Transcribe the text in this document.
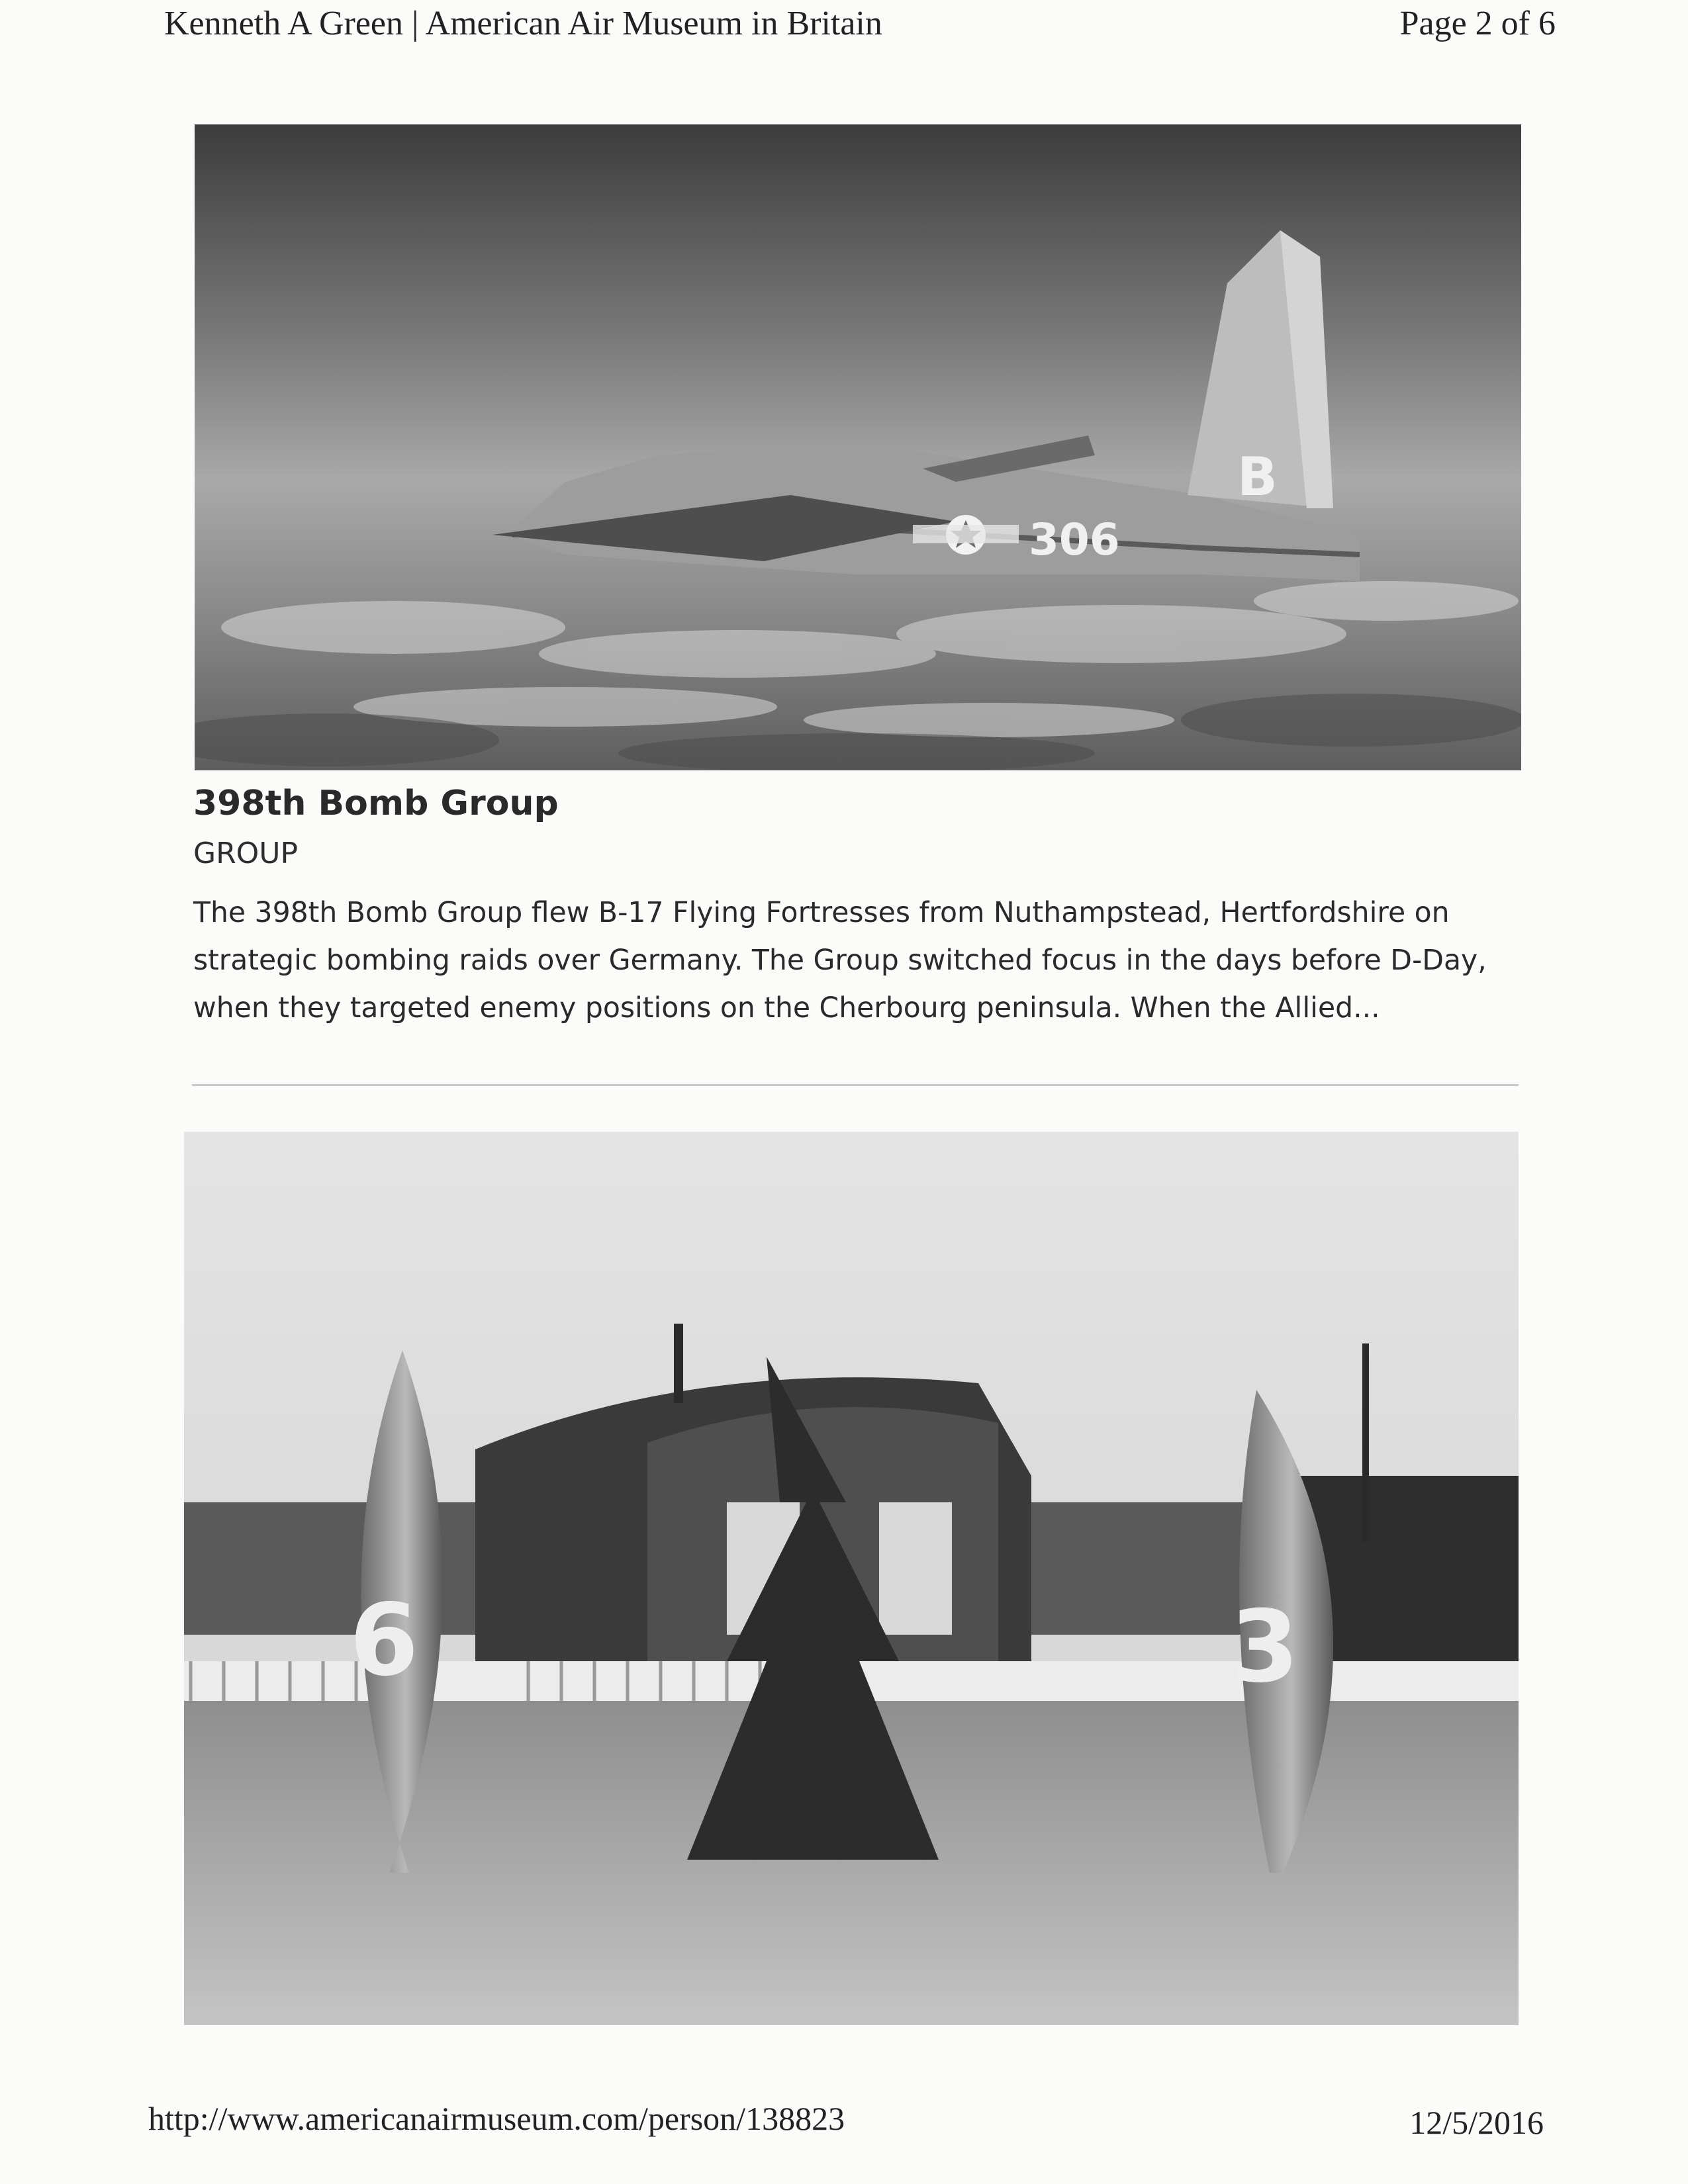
Kenneth A Green | American Air Museum in Britain	Page 2 of 6
B
306
398th Bomb Group
GROUP
The 398th Bomb Group flew B-17 Flying Fortresses from Nuthampstead, Hertfordshire on strategic bombing raids over Germany. The Group switched focus in the days before D-Day, when they targeted enemy positions on the Cherbourg peninsula. When the Allied...
6	3
http://www.americanairmuseum.com/person/138823	12/5/2016
